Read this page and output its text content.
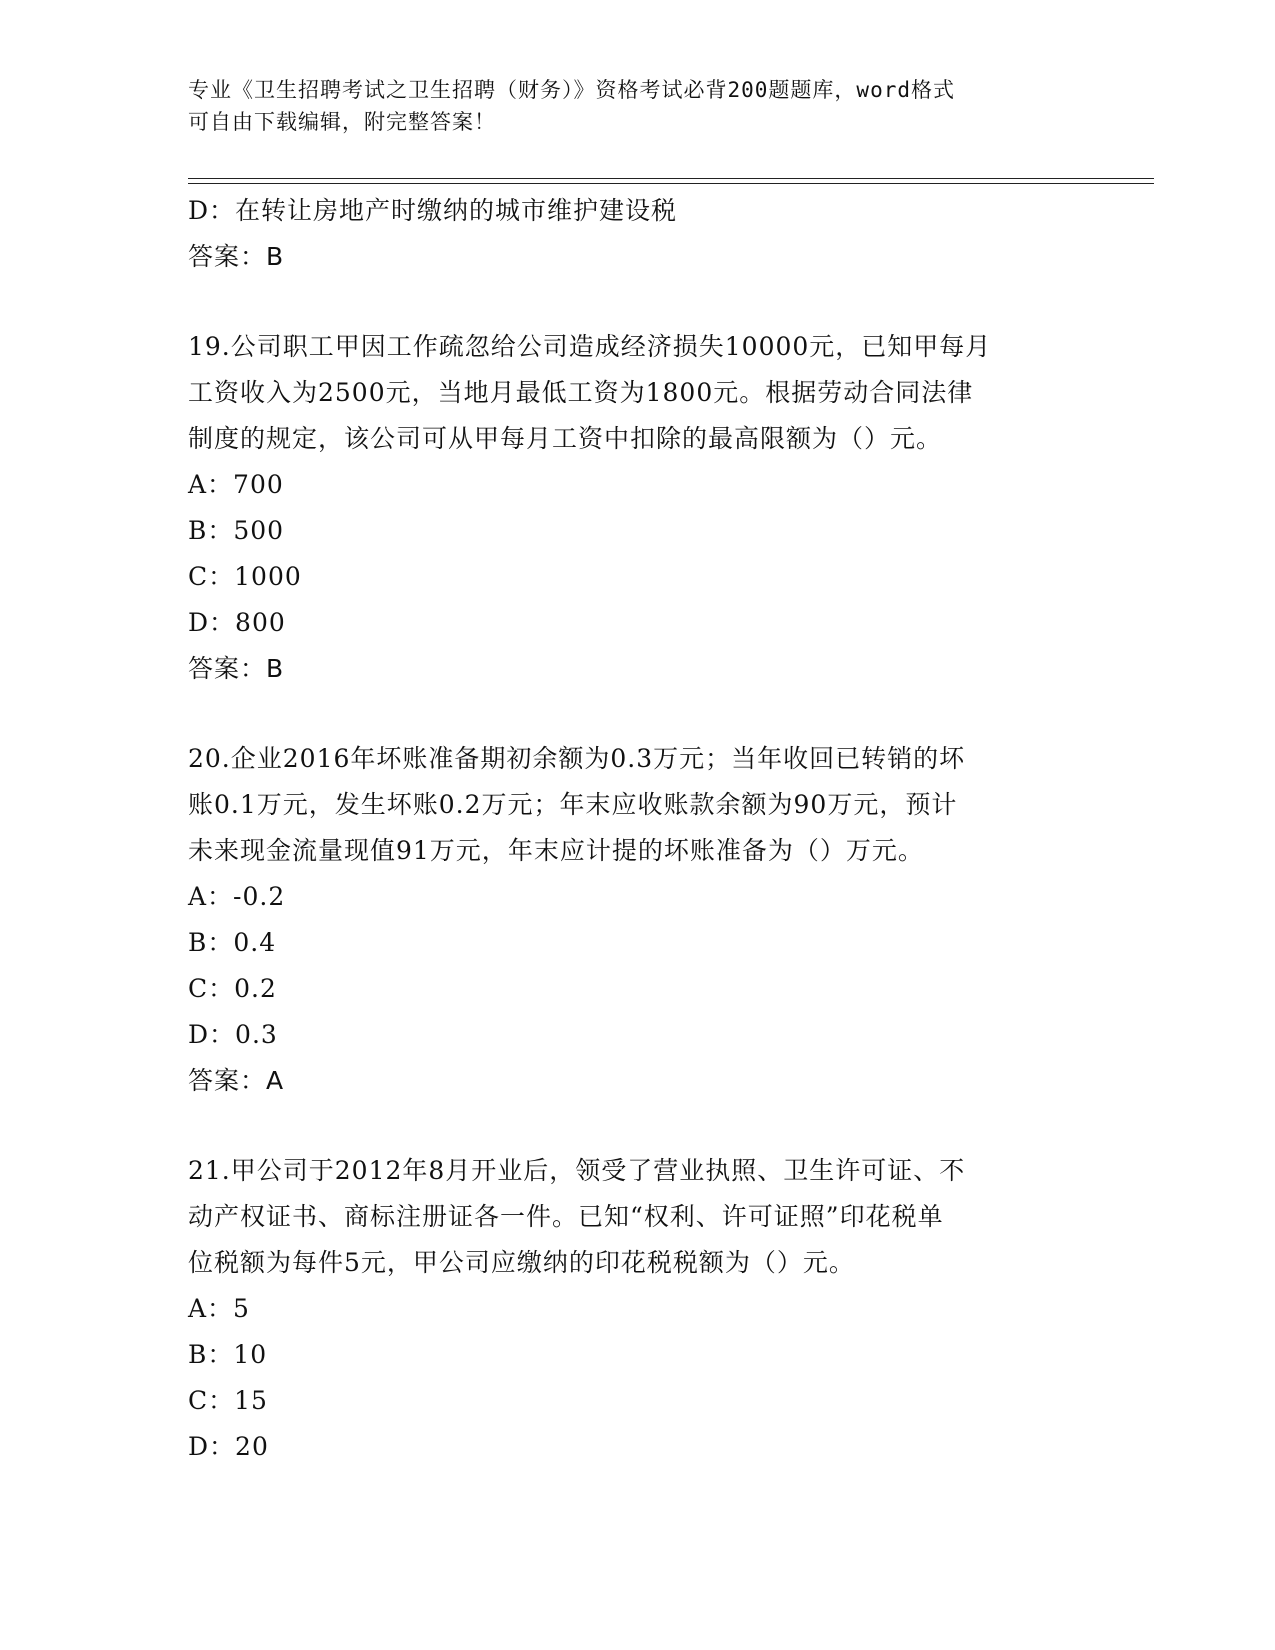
专业《卫生招聘考试之卫生招聘（财务）》资格考试必背200题题库，word格式
可自由下载编辑，附完整答案！
D：在转让房地产时缴纳的城市维护建设税
答案：B
19.公司职工甲因工作疏忽给公司造成经济损失10000元，已知甲每月
工资收入为2500元，当地月最低工资为1800元。根据劳动合同法律
制度的规定，该公司可从甲每月工资中扣除的最高限额为（）元。
A：700
B：500
C：1000
D：800
答案：B
20.企业2016年坏账准备期初余额为0.3万元；当年收回已转销的坏
账0.1万元，发生坏账0.2万元；年末应收账款余额为90万元，预计
未来现金流量现值91万元，年末应计提的坏账准备为（）万元。
A：-0.2
B：0.4
C：0.2
D：0.3
答案：A
21.甲公司于2012年8月开业后，领受了营业执照、卫生许可证、不
动产权证书、商标注册证各一件。已知“权利、许可证照”印花税单
位税额为每件5元，甲公司应缴纳的印花税税额为（）元。
A：5
B：10
C：15
D：20
